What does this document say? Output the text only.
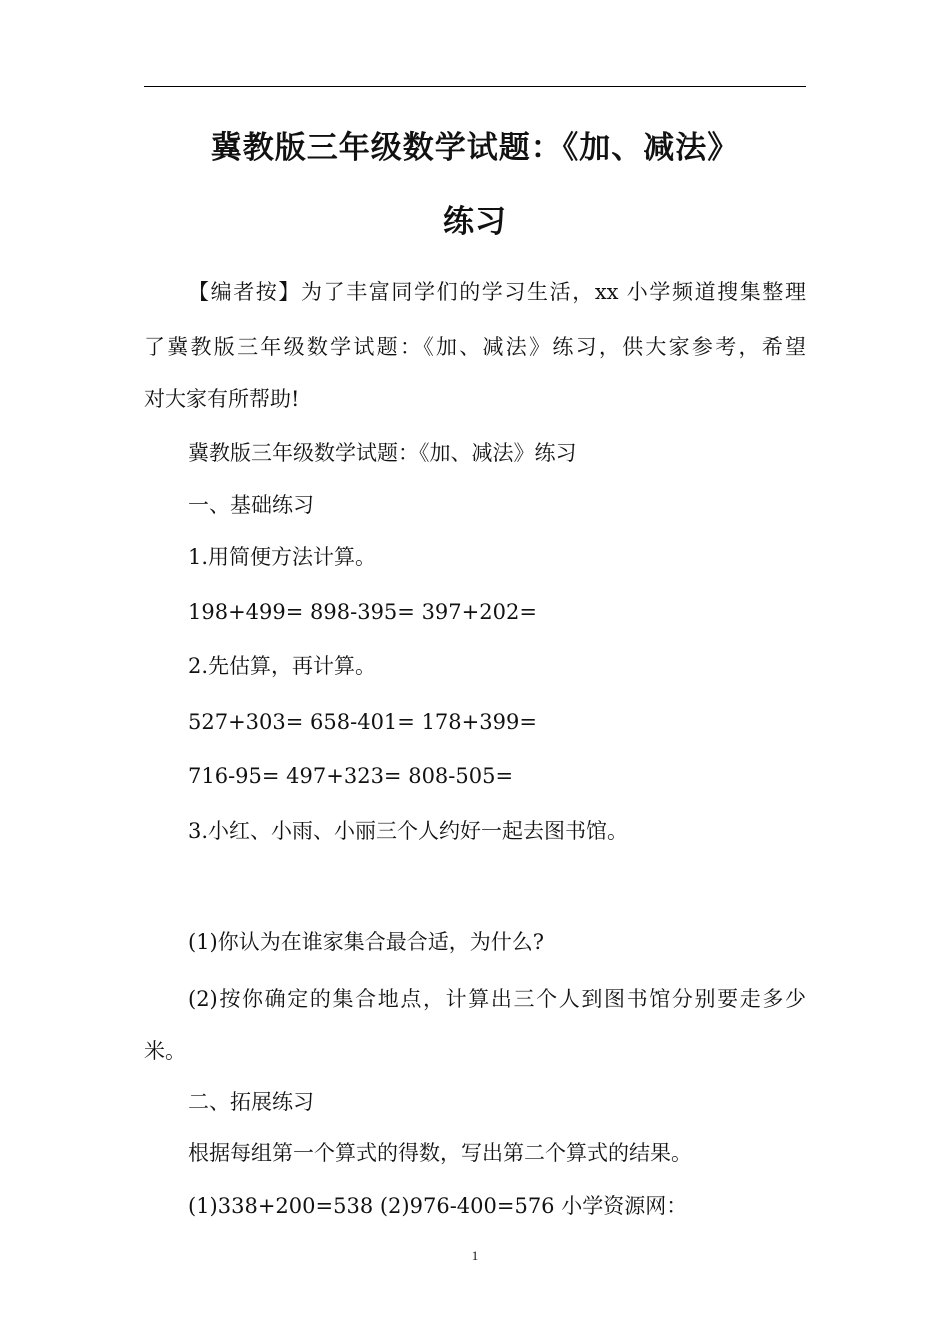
冀教版三年级数学试题：《加、减法》
练习
【编者按】为了丰富同学们的学习生活，xx 小学频道搜集整理
了冀教版三年级数学试题：《加、减法》练习，供大家参考，希望
对大家有所帮助!
冀教版三年级数学试题：《加、减法》练习
一、基础练习
1.用简便方法计算。
198+499= 898-395= 397+202=
2.先估算，再计算。
527+303= 658-401= 178+399=
716-95= 497+323= 808-505=
3.小红、小雨、小丽三个人约好一起去图书馆。
(1)你认为在谁家集合最合适，为什么?
(2)按你确定的集合地点，计算出三个人到图书馆分别要走多少
米。
二、拓展练习
根据每组第一个算式的得数，写出第二个算式的结果。
(1)338+200=538 (2)976-400=576 小学资源网：
1
